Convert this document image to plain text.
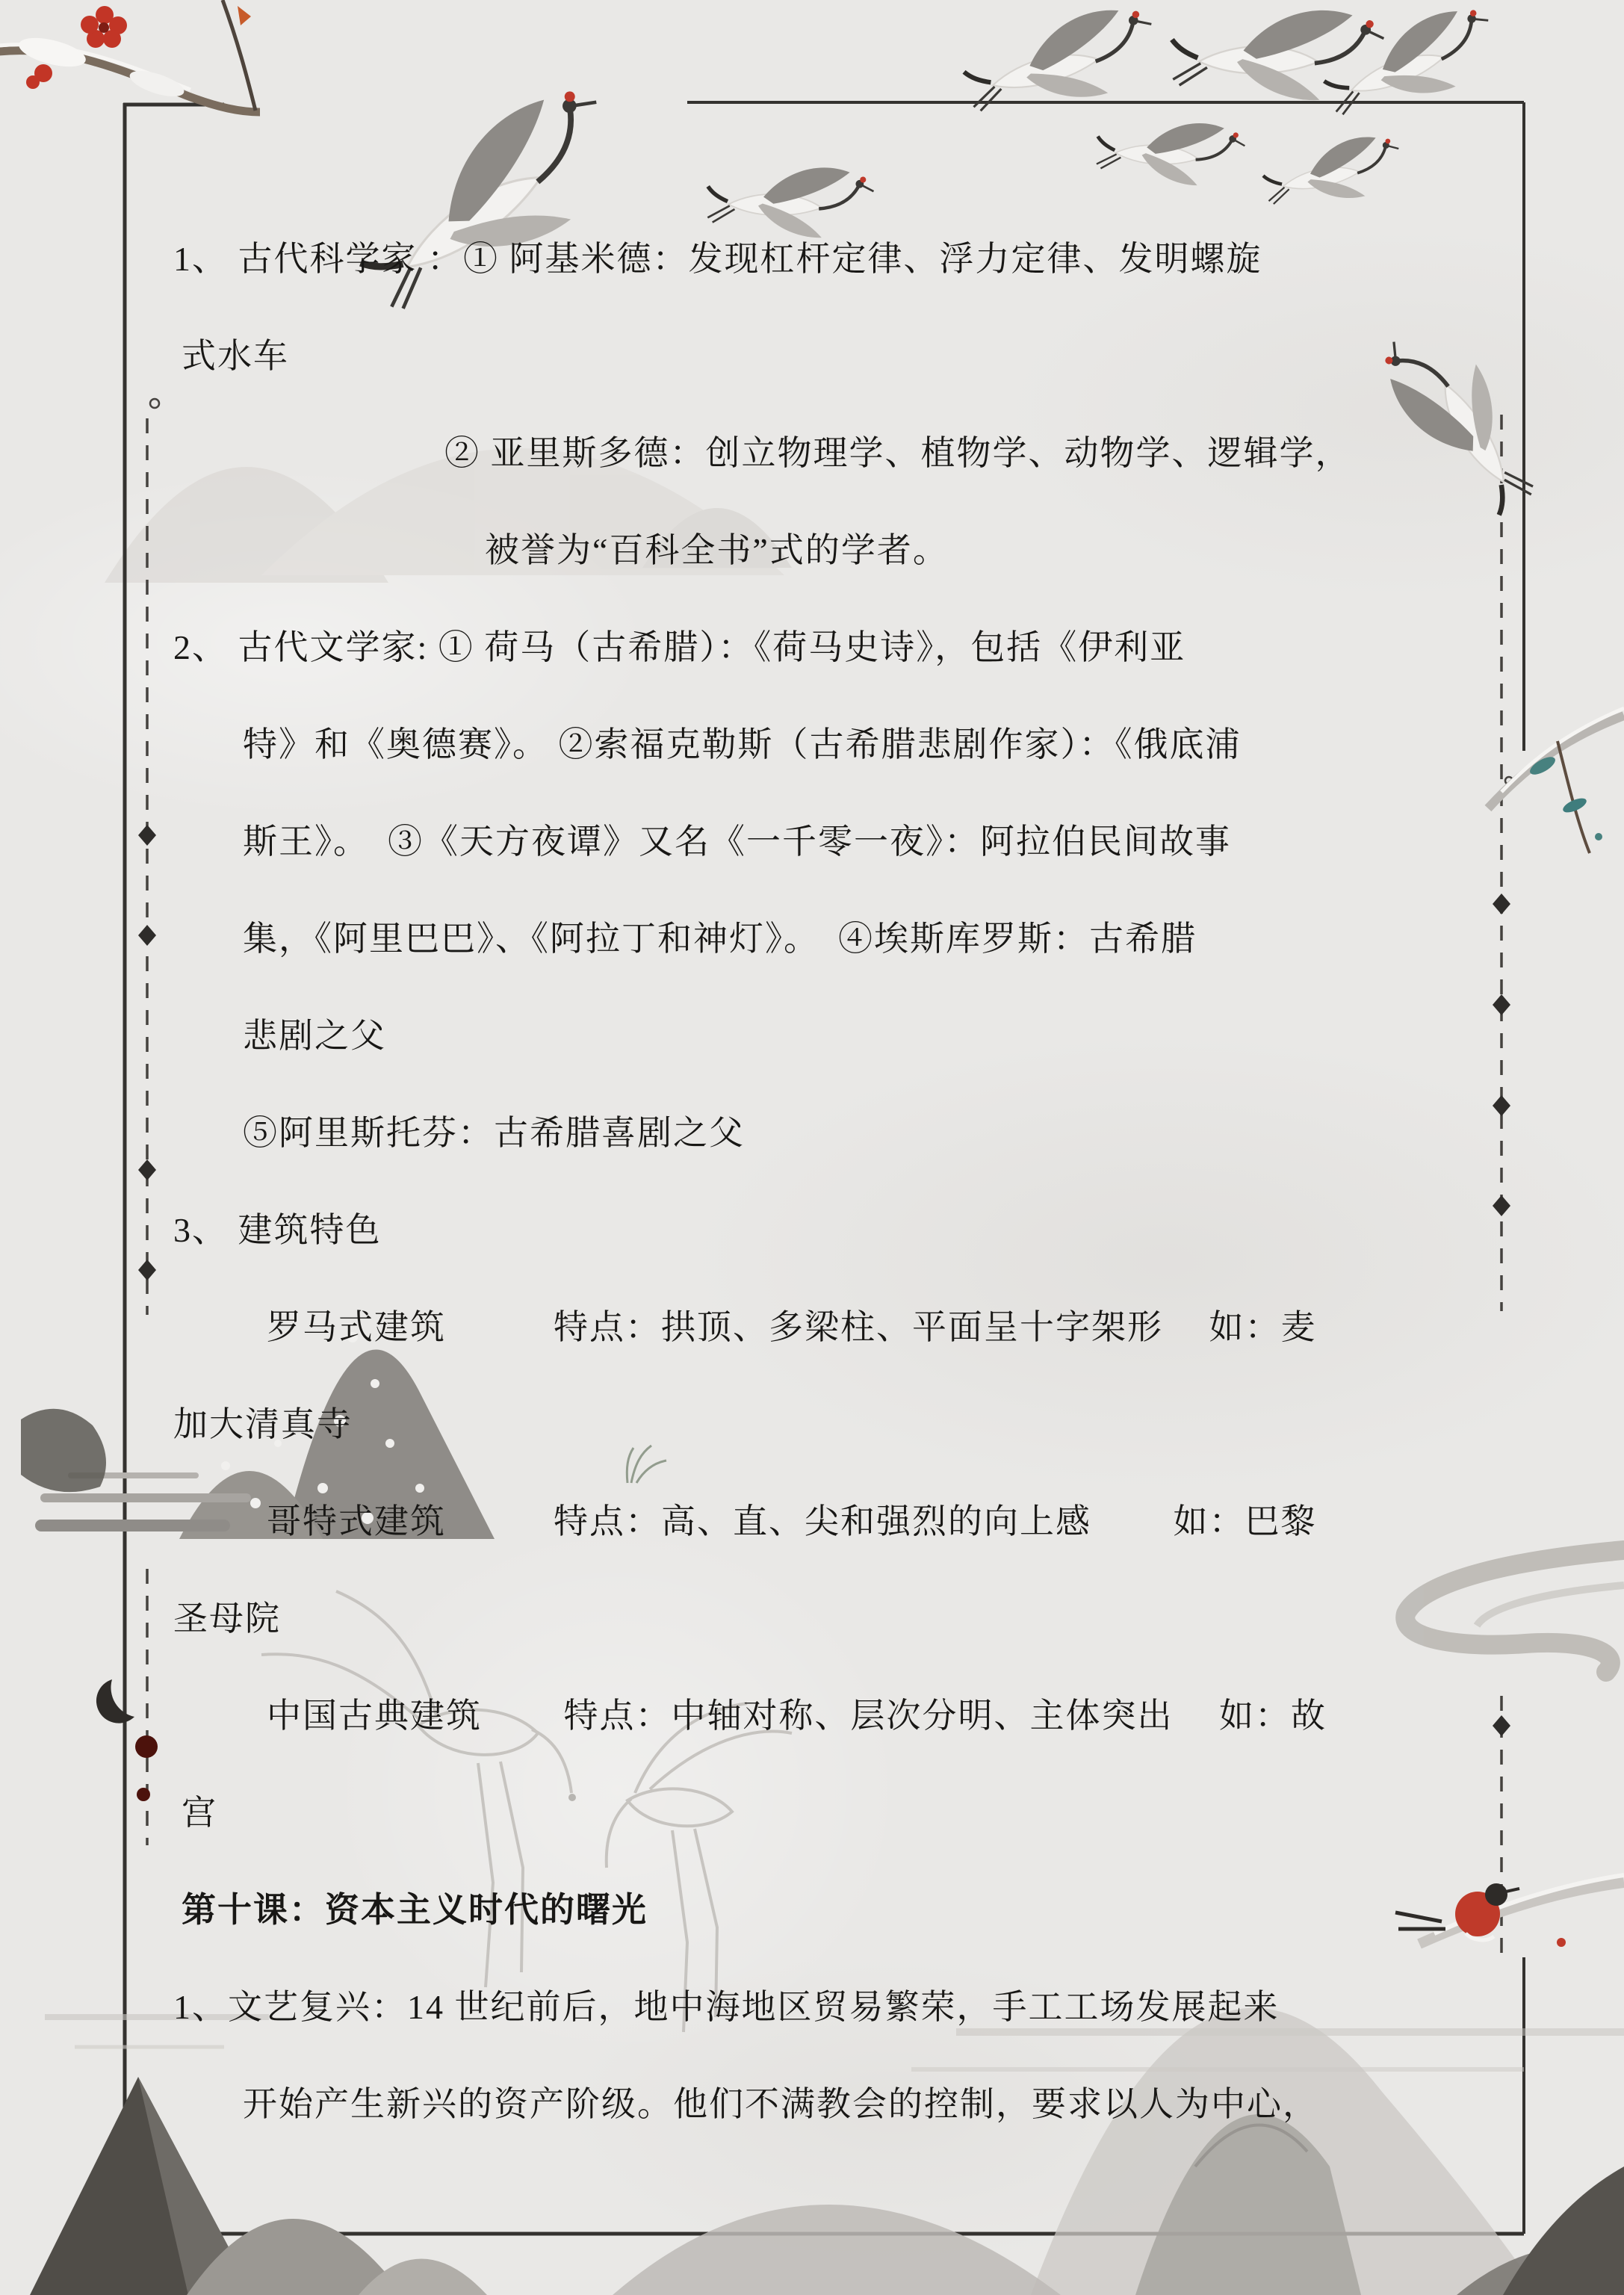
1、 古代科学家 ：① 阿基米德：发现杠杆定律、浮力定律、发明螺旋

式水车

② 亚里斯多德：创立物理学、植物学、动物学、逻辑学，

被誉为“百科全书”式的学者。

2、 古代文学家: ① 荷马（古希腊）：《荷马史诗》，包括《伊利亚

特》和《奥德赛》。 ②索福克勒斯（古希腊悲剧作家）：《俄底浦

斯王》。　③《天方夜谭》又名《一千零一夜》：阿拉伯民间故事

集，《阿里巴巴》、《阿拉丁和神灯》。　④埃斯库罗斯：古希腊

悲剧之父

⑤阿里斯托芬：古希腊喜剧之父

3、 建筑特色

罗马式建筑　　　特点：拱顶、多梁柱、平面呈十字架形　 如：麦

加大清真寺

哥特式建筑　　　特点：高、直、尖和强烈的向上感　　 如：巴黎

圣母院

中国古典建筑　　 特点：中轴对称、层次分明、主体突出　 如：故

宫

第十课：资本主义时代的曙光

1、文艺复兴：14 世纪前后，地中海地区贸易繁荣，手工工场发展起来

开始产生新兴的资产阶级。他们不满教会的控制，要求以人为中心，
